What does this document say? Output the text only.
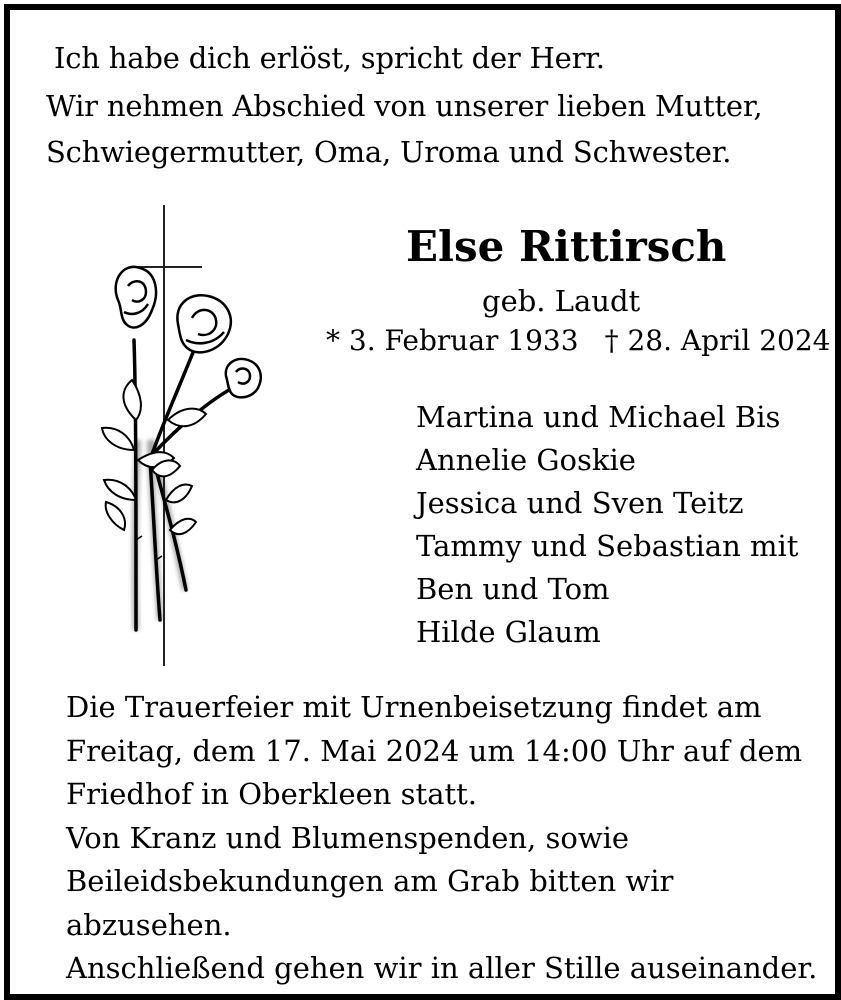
Ich habe dich erlöst, spricht der Herr.
Wir nehmen Abschied von unserer lieben Mutter,
Schwiegermutter, Oma, Uroma und Schwester.
Else Rittirsch
geb. Laudt
* 3. Februar 1933 † 28. April 2024
Martina und Michael Bis
Annelie Goskie
Jessica und Sven Teitz
Tammy und Sebastian mit
Ben und Tom
Hilde Glaum
Die Trauerfeier mit Urnenbeisetzung findet am
Freitag, dem 17. Mai 2024 um 14:00 Uhr auf dem
Friedhof in Oberkleen statt.
Von Kranz und Blumenspenden, sowie
Beileidsbekundungen am Grab bitten wir
abzusehen.
Anschließend gehen wir in aller Stille auseinander.
